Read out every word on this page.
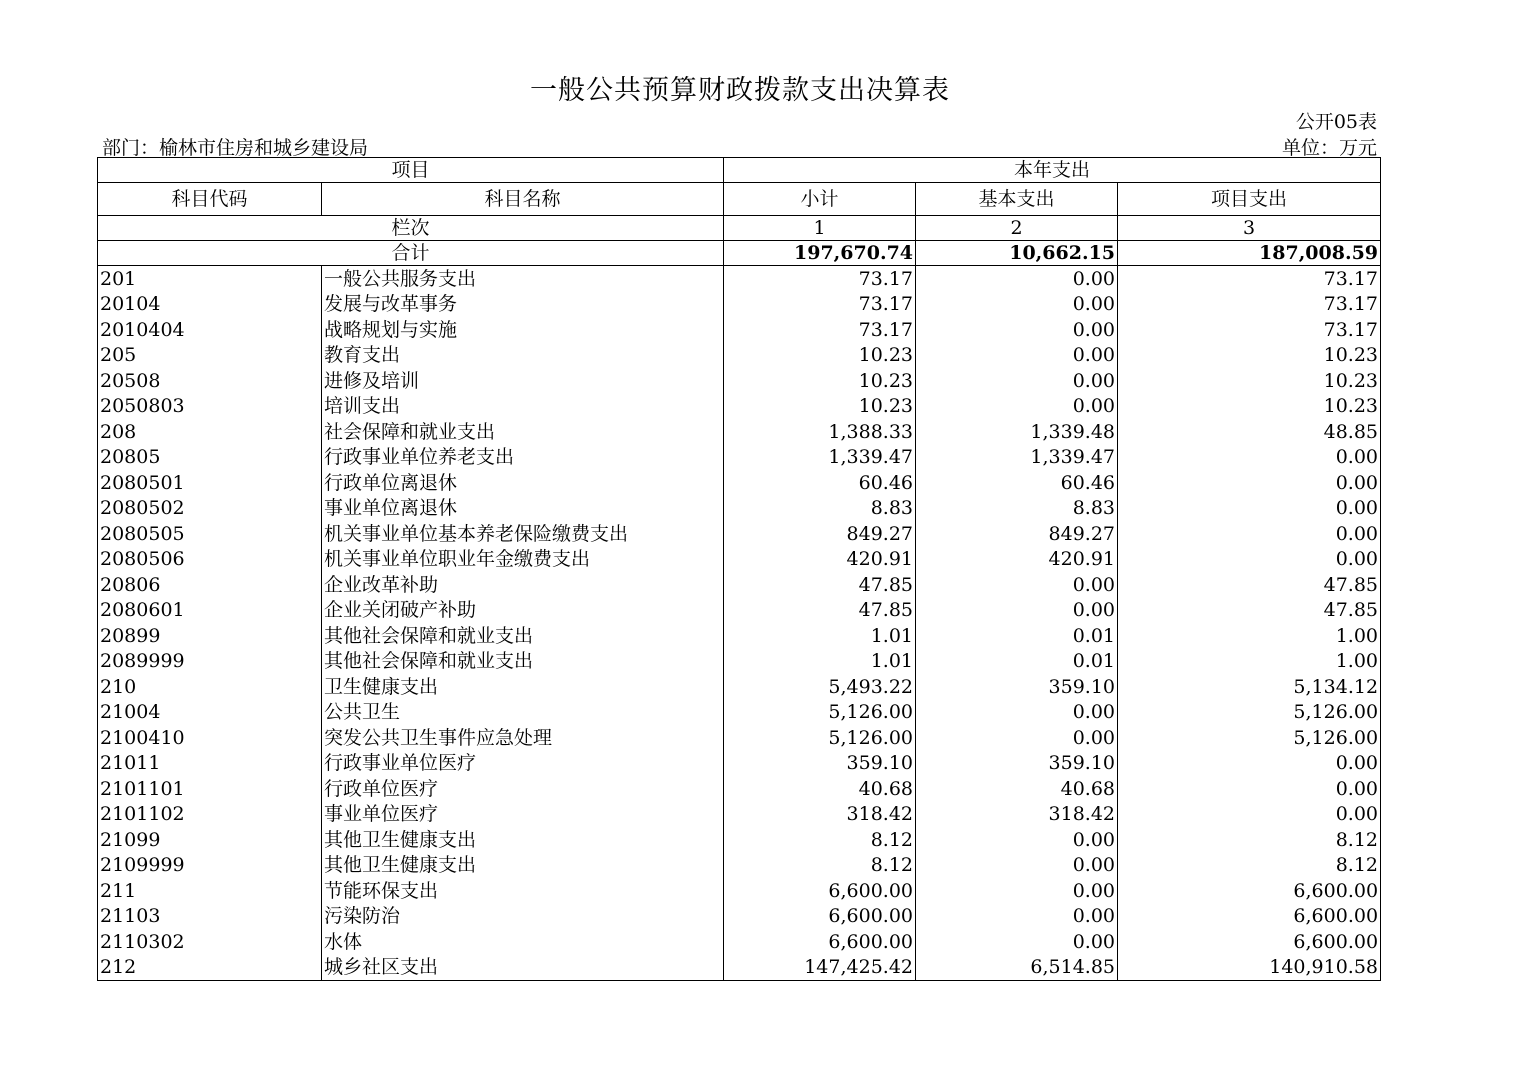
一般公共预算财政拨款支出决算表
公开05表
部门：榆林市住房和城乡建设局	单位：万元
项目		本年支出		
科目代码	科目名称	小计	基本支出	项目支出
栏次		1	2	3
合计		197,670.74	10,662.15	187,008.59
201	一般公共服务支出	73.17	0.00	73.17
20104	发展与改革事务	73.17	0.00	73.17
2010404	战略规划与实施	73.17	0.00	73.17
205	教育支出	10.23	0.00	10.23
20508	进修及培训	10.23	0.00	10.23
2050803	培训支出	10.23	0.00	10.23
208	社会保障和就业支出	1,388.33	1,339.48	48.85
20805	行政事业单位养老支出	1,339.47	1,339.47	0.00
2080501	行政单位离退休	60.46	60.46	0.00
2080502	事业单位离退休	8.83	8.83	0.00
2080505	机关事业单位基本养老保险缴费支出	849.27	849.27	0.00
2080506	机关事业单位职业年金缴费支出	420.91	420.91	0.00
20806	企业改革补助	47.85	0.00	47.85
2080601	企业关闭破产补助	47.85	0.00	47.85
20899	其他社会保障和就业支出	1.01	0.01	1.00
2089999	其他社会保障和就业支出	1.01	0.01	1.00
210	卫生健康支出	5,493.22	359.10	5,134.12
21004	公共卫生	5,126.00	0.00	5,126.00
2100410	突发公共卫生事件应急处理	5,126.00	0.00	5,126.00
21011	行政事业单位医疗	359.10	359.10	0.00
2101101	行政单位医疗	40.68	40.68	0.00
2101102	事业单位医疗	318.42	318.42	0.00
21099	其他卫生健康支出	8.12	0.00	8.12
2109999	其他卫生健康支出	8.12	0.00	8.12
211	节能环保支出	6,600.00	0.00	6,600.00
21103	污染防治	6,600.00	0.00	6,600.00
2110302	水体	6,600.00	0.00	6,600.00
212	城乡社区支出	147,425.42	6,514.85	140,910.58
